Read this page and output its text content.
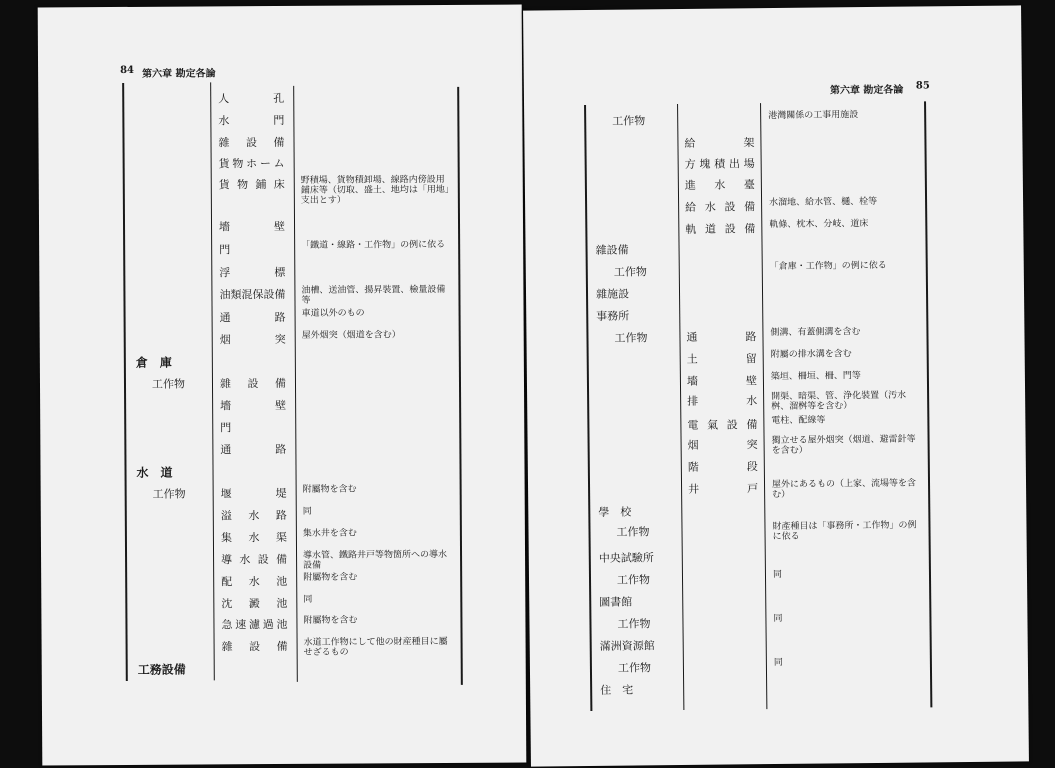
84 第六章 勘定各論
人　孔
水　門
雜設備
貨物ホーム
貨物鋪床 野積場、貨物積卸場、線路内傍設用鋪床等（切取、盛土、地均は「用地」支出とす）
墻　壁
門	「鐵道・線路・工作物」の例に依る
浮　標
油類混保設備 油槽、送油管、揚昇裝置、檢量設備等
通　路 車道以外のもの
烟　突 屋外烟突（烟道を含む）
倉　庫
工作物	雜設備
墻　壁
門
通　路
水　道
工作物	堰　堤 附屬物を含む
溢水路 同
集水渠 集水井を含む
導水設備 導水管、鐵路井戸等物箇所への導水設備
配水池 附屬物を含む
沈澱池 同
急速濾過池 附屬物を含む
雜設備 水道工作物にして他の財産種目に屬せざるもの
工務設備
第六章 勘定各論 85
工作物	港灣關係の工事用施設
給　架
方塊積出場
進水臺
給水設備 水溜地、給水管、樋、栓等
軌道設備 軌條、枕木、分岐、道床
雜設備
工作物	「倉庫・工作物」の例に依る
雜施設
事務所
工作物	通　路 側溝、有蓋側溝を含む
土　留 附屬の排水溝を含む
墻　壁 築垣、柵垣、柵、門等
排　水 開渠、暗渠、管、浄化裝置（汚水桝、溜桝等を含む）
電氣設備 電柱、配線等
烟　突 獨立せる屋外烟突（烟道、避雷針等を含む）
階　段
井　戸 屋外にあるもの（上家、流場等を含む）
學　校
工作物	財產種目は「事務所・工作物」の例に依る
中央試驗所
工作物	同
圖書館
工作物	同
滿洲資源館
工作物	同
住　宅
